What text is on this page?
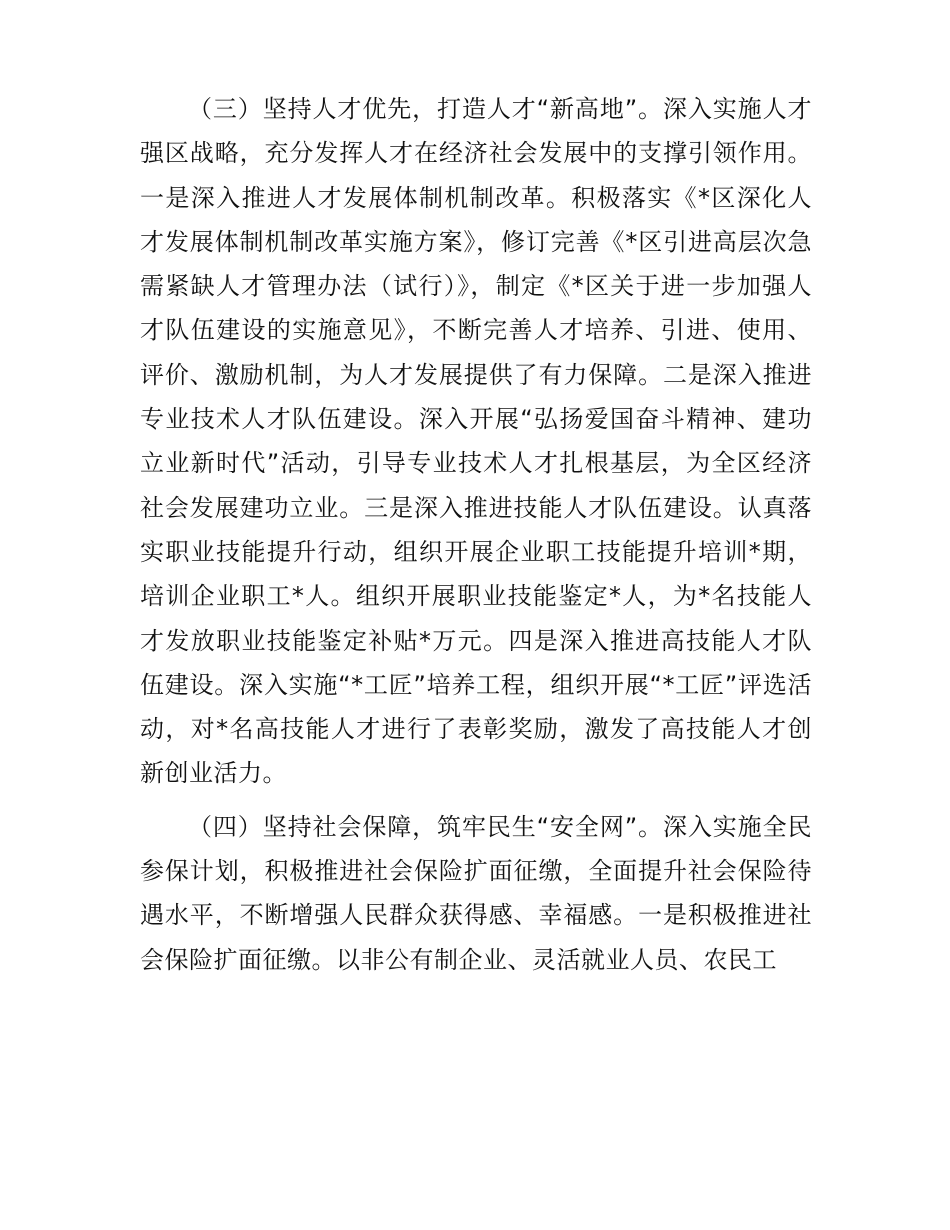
（三）坚持人才优先，打造人才“新高地”。深入实施人才强区战略，充分发挥人才在经济社会发展中的支撑引领作用。一是深入推进人才发展体制机制改革。积极落实《*区深化人才发展体制机制改革实施方案》，修订完善《*区引进高层次急需紧缺人才管理办法（试行）》，制定《*区关于进一步加强人才队伍建设的实施意见》，不断完善人才培养、引进、使用、评价、激励机制，为人才发展提供了有力保障。二是深入推进专业技术人才队伍建设。深入开展“弘扬爱国奋斗精神、建功立业新时代”活动，引导专业技术人才扎根基层，为全区经济社会发展建功立业。三是深入推进技能人才队伍建设。认真落实职业技能提升行动，组织开展企业职工技能提升培训*期，培训企业职工*人。组织开展职业技能鉴定*人，为*名技能人才发放职业技能鉴定补贴*万元。四是深入推进高技能人才队伍建设。深入实施“*工匠”培养工程，组织开展“*工匠”评选活动，对*名高技能人才进行了表彰奖励，激发了高技能人才创新创业活力。

（四）坚持社会保障，筑牢民生“安全网”。深入实施全民参保计划，积极推进社会保险扩面征缴，全面提升社会保险待遇水平，不断增强人民群众获得感、幸福感。一是积极推进社会保险扩面征缴。以非公有制企业、灵活就业人员、农民工
